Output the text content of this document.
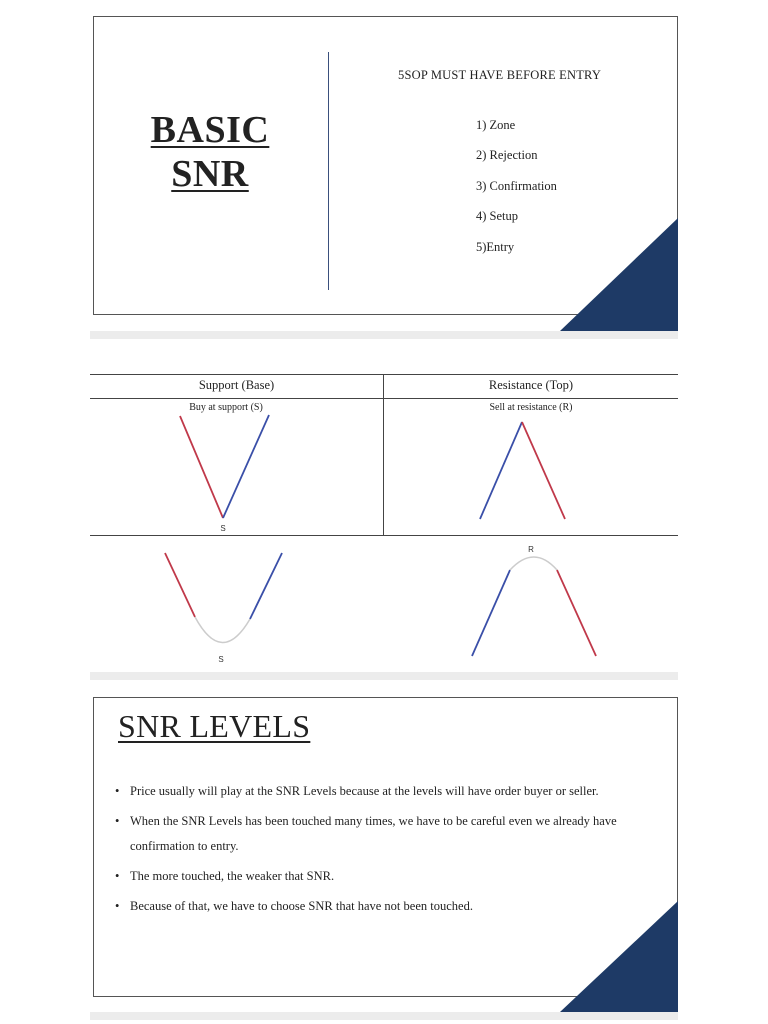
BASIC
SNR
5SOP MUST HAVE BEFORE ENTRY
1) Zone
2) Rejection
3) Confirmation
4) Setup
5)Entry
Support (Base)	Resistance (Top)
Buy at support (S)	Sell at resistance (R)
S
S
R
SNR LEVELS
• Price usually will play at the SNR Levels because at the levels will have order buyer or seller.
• When the SNR Levels has been touched many times, we have to be careful even we already have confirmation to entry.
• The more touched, the weaker that SNR.
• Because of that, we have to choose SNR that have not been touched.
